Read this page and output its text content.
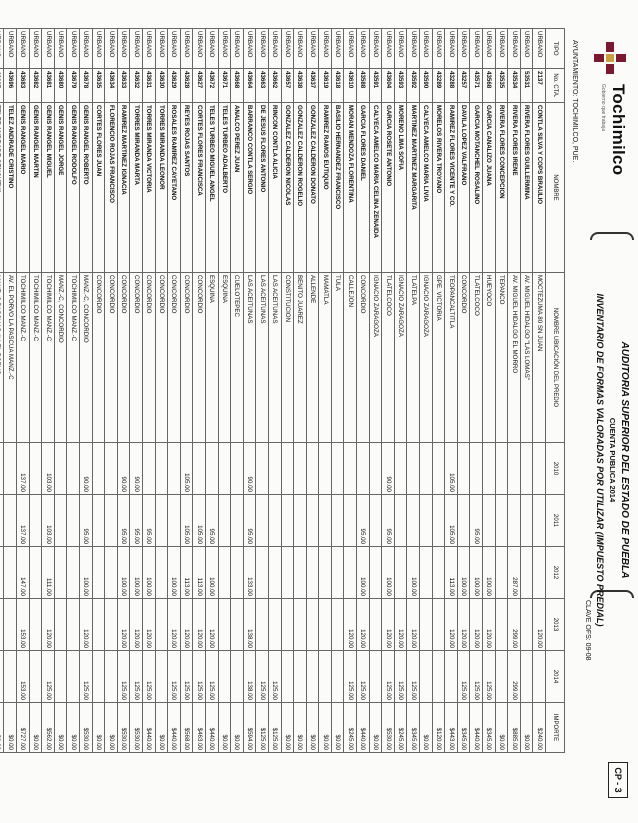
Tochimilco
Gobierno que trabaja
AUDITORIA SUPERIOR DEL ESTADO DE PUEBLA
CUENTA PUBLICA 2014
INVENTARIO DE FORMAS VALORADAS POR UTILIZAR (IMPUESTO PREDIAL)
CLAVE OFS: 09-08
AYUNTAMIENTO: TOCHIMILCO, PUE.
CP - 3
TIPO	No. CTA.	NOMBRE	NOMBRE UBICACIÓN DEL PREDIO	2010	2011	2012	2013	2014	IMPORTE
URBANO	2137	CONTLA SILVA Y COPS BRAULIO	MOCTEZUMA 80 SN JUAN				120.00		$240.00
URBANO	53531	RIVERA FLORES GUILLERMINA	AV. MIGUEL HIDALGO "LAS LOMAS"						$0.00
URBANO	43534	RIVERA FLORES IRENE	AV. MIGUEL HIDALGO EL MORRO			287.00	299.00	299.00	$885.00
URBANO	43535	RIVERA FLORES CONCEPCION	TEPANCO						$0.00
URBANO	43568	GARCIA CANALIZO JUANA	HUEYOCO			100.00	120.00	125.00	$345.00
URBANO	43571	GARCIA MOTANCHEL ROSALINO	TLATELCOCO		95.00	100.00	120.00	125.00	$440.00
URBANO	43257	DAVILA LOPEZ VALFRANO	CONCORDIO			100.00	120.00	125.00	$345.00
URBANO	43288	RAMIREZ FLORES VICENTE Y CO.	TEOPANCALTITLA	105.00	105.00	113.00	120.00		$443.00
URBANO	43289	MORELOS RIVERA TROYANO	GPE. VICTORIA						$120.00
URBANO	43590	CALYECA AMELCO MARIA LIVIA	IGNACIO ZARAGOZA						$0.00
URBANO	43592	MARTINEZ MARTINEZ MARGARITA	TLATELPA			100.00	120.00	125.00	$345.00
URBANO	43593	MORENO LIMA SOFIA	IGNACIO ZARAGOZA				120.00	125.00	$245.00
URBANO	43604	GARCIA ROSETE ANTONIO	TLATELCOCO	90.00	95.00	100.00	120.00	125.00	$530.00
URBANO	43591	CALYECA AMELCO MARIA CELINA ZENAIDA	IGNACIO ZARAGOZA						$0.00
URBANO	43588	GARCIA FLORES DANIEL	CONCORDIO		95.00	100.00	120.00	125.00	$440.00
URBANO	43610	MORAN MENDOZA FLORENTINA	CALLEJON				120.00	125.00	$245.00
URBANO	43618	BASILIO HERNANDEZ FRANCISCO	TULA						$0.00
URBANO	43619	RAMIREZ RAMOS EUTIQUIO	MAMATLA						$0.00
URBANO	43637	GONZALEZ CALDERON DONATO	ALLENDE						$0.00
URBANO	43638	GONZALEZ CALDERON ROGELIO	BENITO JUAREZ						$0.00
URBANO	43657	GONZALEZ CALDERON NICOLAS	CONSTITUCION						$0.00
URBANO	43662	RINCON CONTLA ALICIA	LAS ACEITUNAS					125.00	$125.00
URBANO	43663	DE JESUS FLORES ANTONIO	LAS ACEITUNAS					125.00	$125.00
URBANO	43664	BARRANCO CONTLA SERGIO	LAS ACEITUNAS	90.00	95.00	133.00	138.00	138.00	$594.00
URBANO	43668	ANALCO PEREZ JUAN	CUELOTEPEC						$0.00
URBANO	43671	TELES TURBEO ADALBERTO	ESQUINA						$0.00
URBANO	43672	TELES TURBEO MIGUEL ANGEL	ESQUINA		95.00	100.00	120.00	125.00	$440.00
URBANO	43627	CORTES FLORES FRANCISCA	CONCORDIO		105.00	113.00	120.00	125.00	$463.00
URBANO	43628	REYES ROJAS SANTOS	CONCORDIO	105.00	105.00	113.00	120.00	125.00	$568.00
URBANO	43629	ROSALES RAMIREZ CAYETANO	CONCORDIO			100.00	120.00	125.00	$440.00
URBANO	43630	TORRES MIRANDA LEONOR	CONCORDIO						$0.00
URBANO	43631	TORRES MIRANDA VICTORIA	CONCORDIO		95.00	100.00	120.00	125.00	$440.00
URBANO	43632	TORRES MIRANDA MARTA	CONCORDIO	90.00	95.00	100.00	120.00	125.00	$530.00
URBANO	43633	RAMIREZ MARTINEZ IGNACIA	CONCORDIO	90.00	95.00	100.00	120.00	125.00	$530.00
URBANO	43634	FLORENCIO ROJAS FRANCISCO	CONCORDIO						$0.00
URBANO	43635	CORTES FLORES JUAN	CONCORDIO						$0.00
URBANO	43678	GENIS RANGEL ROBERTO	MANZ.-C, CONCORDIO	90.00	95.00	100.00	120.00	125.00	$530.00
URBANO	43679	GENIS RANGEL RODOLFO	TOCHIMILCO MANZ.-C						$0.00
URBANO	43680	GENIS RANGEL JORGE	MANZ.-C, CONCORDIO						$0.00
URBANO	43681	GENIS RANGEL MIGUEL	TOCHIMILCO MANZ.-C	103.00	103.00	111.00	120.00	125.00	$562.00
URBANO	43682	GENIS RANGEL MARTIN	TOCHIMILCO MANZ.-C						$0.00
URBANO	43683	GENIS RANGEL MARIO	TOCHIMILCO MANZ.-C	137.00	137.00	147.00	153.00	153.00	$727.00
URBANO	43696	TELEZ ANDRADE CRISTINO	AV. EL PORVO LA PASCUA MANZ.-C						$0.00
